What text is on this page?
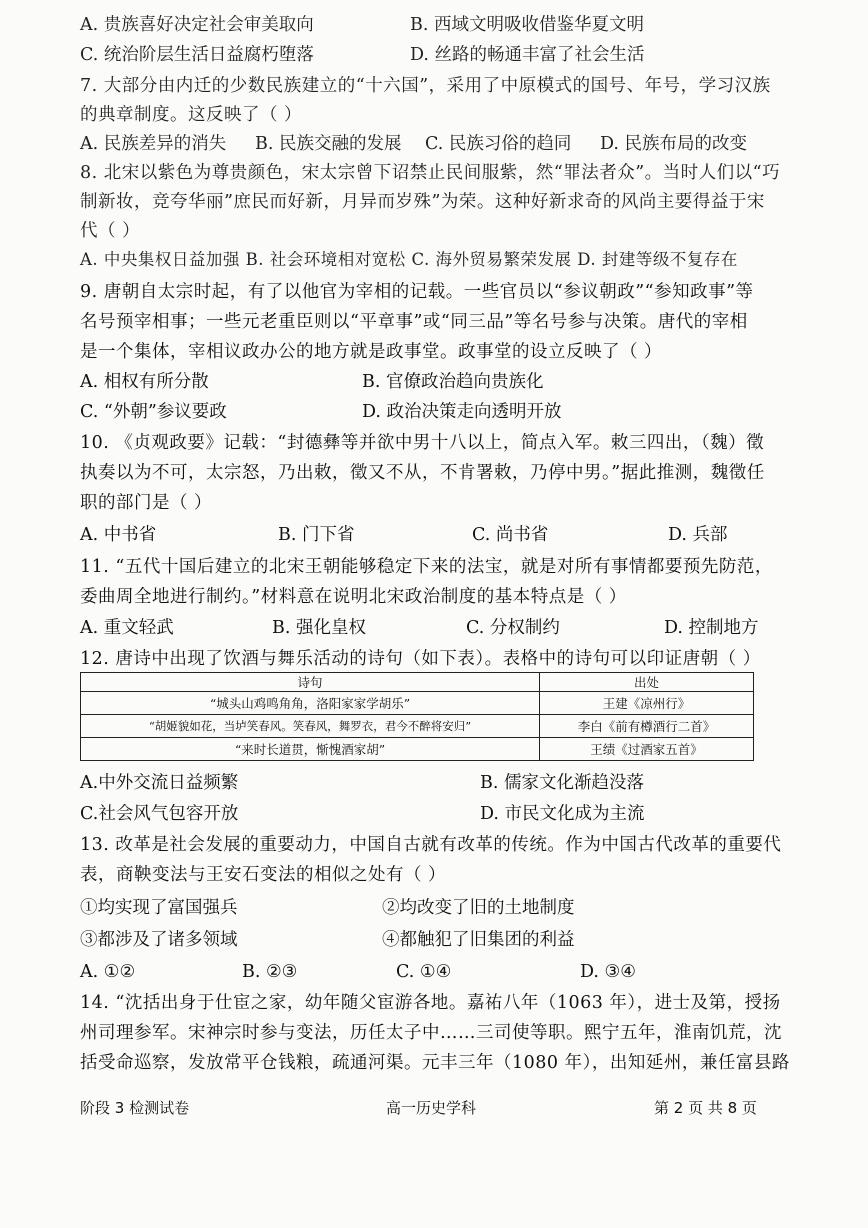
A. 贵族喜好决定社会审美取向	B. 西域文明吸收借鉴华夏文明
C. 统治阶层生活日益腐朽堕落	D. 丝路的畅通丰富了社会生活
7. 大部分由内迁的少数民族建立的“十六国”，采用了中原模式的国号、年号，学习汉族
的典章制度。这反映了（ ）
A. 民族差异的消失 B. 民族交融的发展 C. 民族习俗的趋同 D. 民族布局的改变
8. 北宋以紫色为尊贵颜色，宋太宗曾下诏禁止民间服紫，然“罪法者众”。当时人们以“巧
制新妆，竞夸华丽”庶民而好新，月异而岁殊”为荣。这种好新求奇的风尚主要得益于宋
代（ ）
A. 中央集权日益加强 B. 社会环境相对宽松 C. 海外贸易繁荣发展 D. 封建等级不复存在
9. 唐朝自太宗时起，有了以他官为宰相的记载。一些官员以“参议朝政”“参知政事”等
名号预宰相事；一些元老重臣则以“平章事”或“同三品”等名号参与决策。唐代的宰相
是一个集体，宰相议政办公的地方就是政事堂。政事堂的设立反映了（ ）
A. 相权有所分散	B. 官僚政治趋向贵族化
C. “外朝”参议要政	D. 政治决策走向透明开放
10. 《贞观政要》记载：“封德彝等并欲中男十八以上，简点入军。敕三四出，（魏）徵
执奏以为不可，太宗怒，乃出敕，徵又不从，不肯署敕，乃停中男。”据此推测，魏徵任
职的部门是（ ）
A. 中书省	B. 门下省	C. 尚书省	D. 兵部
11. “五代十国后建立的北宋王朝能够稳定下来的法宝，就是对所有事情都要预先防范，
委曲周全地进行制约。”材料意在说明北宋政治制度的基本特点是（ ）
A. 重文轻武	B. 强化皇权	C. 分权制约	D. 控制地方
12. 唐诗中出现了饮酒与舞乐活动的诗句（如下表）。表格中的诗句可以印证唐朝（ ）
诗句	出处
“城头山鸡鸣角角，洛阳家家学胡乐”	王建《凉州行》
“胡姬貌如花，当垆笑春风。笑春风，舞罗衣，君今不醉将安归”	李白《前有樽酒行二首》
“来时长道贯，惭愧酒家胡”	王绩《过酒家五首》
A.中外交流日益频繁	B. 儒家文化渐趋没落
C.社会风气包容开放	D. 市民文化成为主流
13. 改革是社会发展的重要动力，中国自古就有改革的传统。作为中国古代改革的重要代
表，商鞅变法与王安石变法的相似之处有（ ）
①均实现了富国强兵	②均改变了旧的土地制度
③都涉及了诸多领域	④都触犯了旧集团的利益
A. ①②	B. ②③	C. ①④	D. ③④
14. “沈括出身于仕宦之家，幼年随父宦游各地。嘉祐八年（1063 年），进士及第，授扬
州司理参军。宋神宗时参与变法，历任太子中……三司使等职。熙宁五年，淮南饥荒，沈
括受命巡察，发放常平仓钱粮，疏通河渠。元丰三年（1080 年），出知延州，兼任富县路
阶段 3 检测试卷	高一历史学科	第 2 页 共 8 页
